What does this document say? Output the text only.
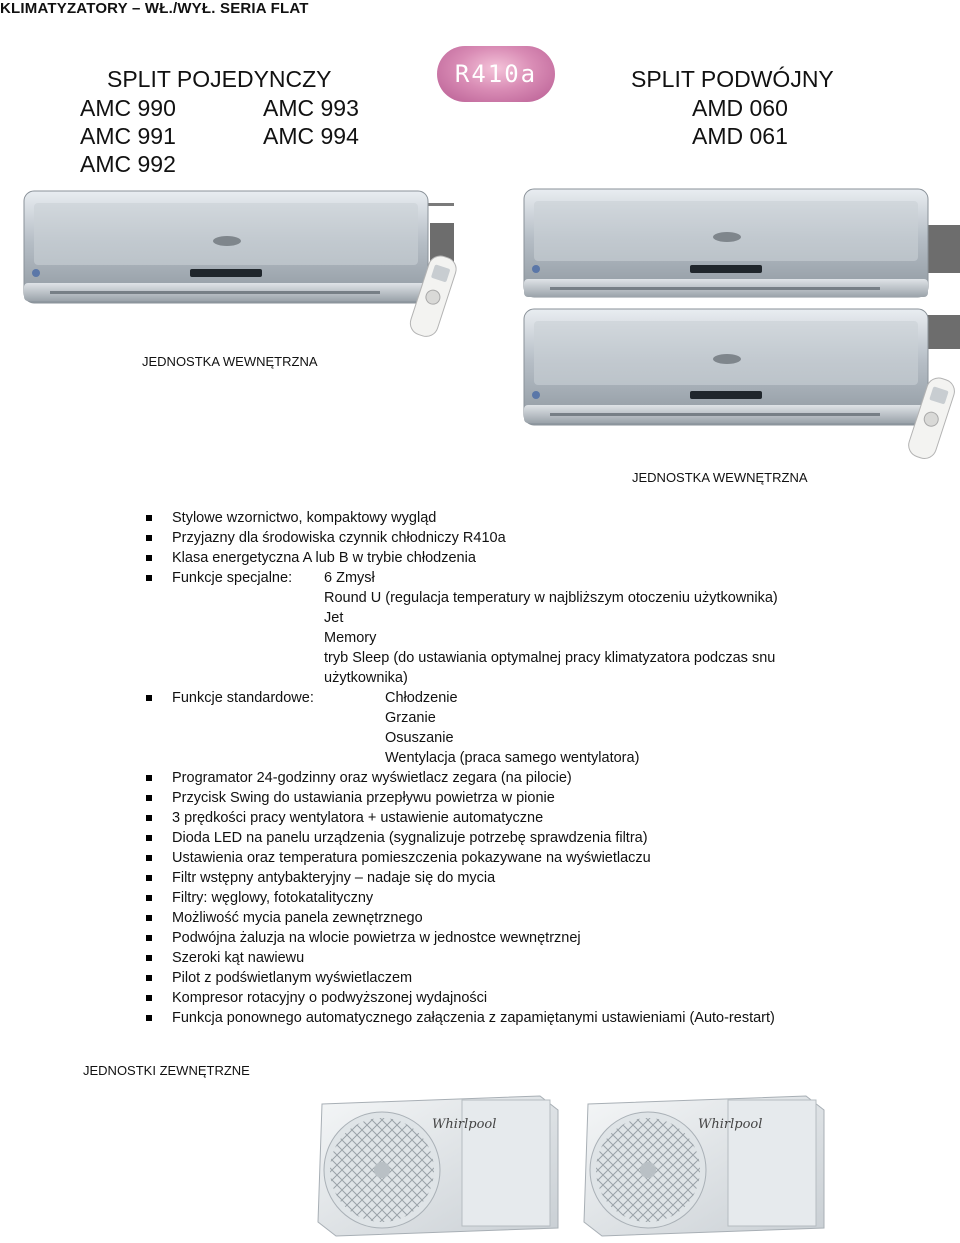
KLIMATYZATORY – WŁ./WYŁ. SERIA FLAT
SPLIT POJEDYNCZY
AMC 990	AMC 993
AMC 991	AMC 994
AMC 992
R410a	SPLIT PODWÓJNY
AMD 060
AMD 061
JEDNOSTKA WEWNĘTRZNA
JEDNOSTKA WEWNĘTRZNA
Stylowe wzornictwo, kompaktowy wygląd
Przyjazny dla środowiska czynnik chłodniczy R410a
Klasa energetyczna A lub B w trybie chłodzenia
Funkcje specjalne: 6 Zmysł
Round U (regulacja temperatury w najbliższym otoczeniu użytkownika)
Jet
Memory
tryb Sleep (do ustawiania optymalnej pracy klimatyzatora podczas snu
użytkownika)
Funkcje standardowe:	Chłodzenie
Grzanie
Osuszanie
Wentylacja (praca samego wentylatora)
Programator 24-godzinny oraz wyświetlacz zegara (na pilocie)
Przycisk Swing do ustawiania przepływu powietrza w pionie
3 prędkości pracy wentylatora + ustawienie automatyczne
Dioda LED na panelu urządzenia (sygnalizuje potrzebę sprawdzenia filtra)
Ustawienia oraz temperatura pomieszczenia pokazywane na wyświetlaczu
Filtr wstępny antybakteryjny – nadaje się do mycia
Filtry: węglowy, fotokatalityczny
Możliwość mycia panela zewnętrznego
Podwójna żaluzja na wlocie powietrza w jednostce wewnętrznej
Szeroki kąt nawiewu
Pilot z podświetlanym wyświetlaczem
Kompresor rotacyjny o podwyższonej wydajności
Funkcja ponownego automatycznego załączenia z zapamiętanymi ustawieniami (Auto-restart)
JEDNOSTKI ZEWNĘTRZNE
Whirlpool	Whirlpool
